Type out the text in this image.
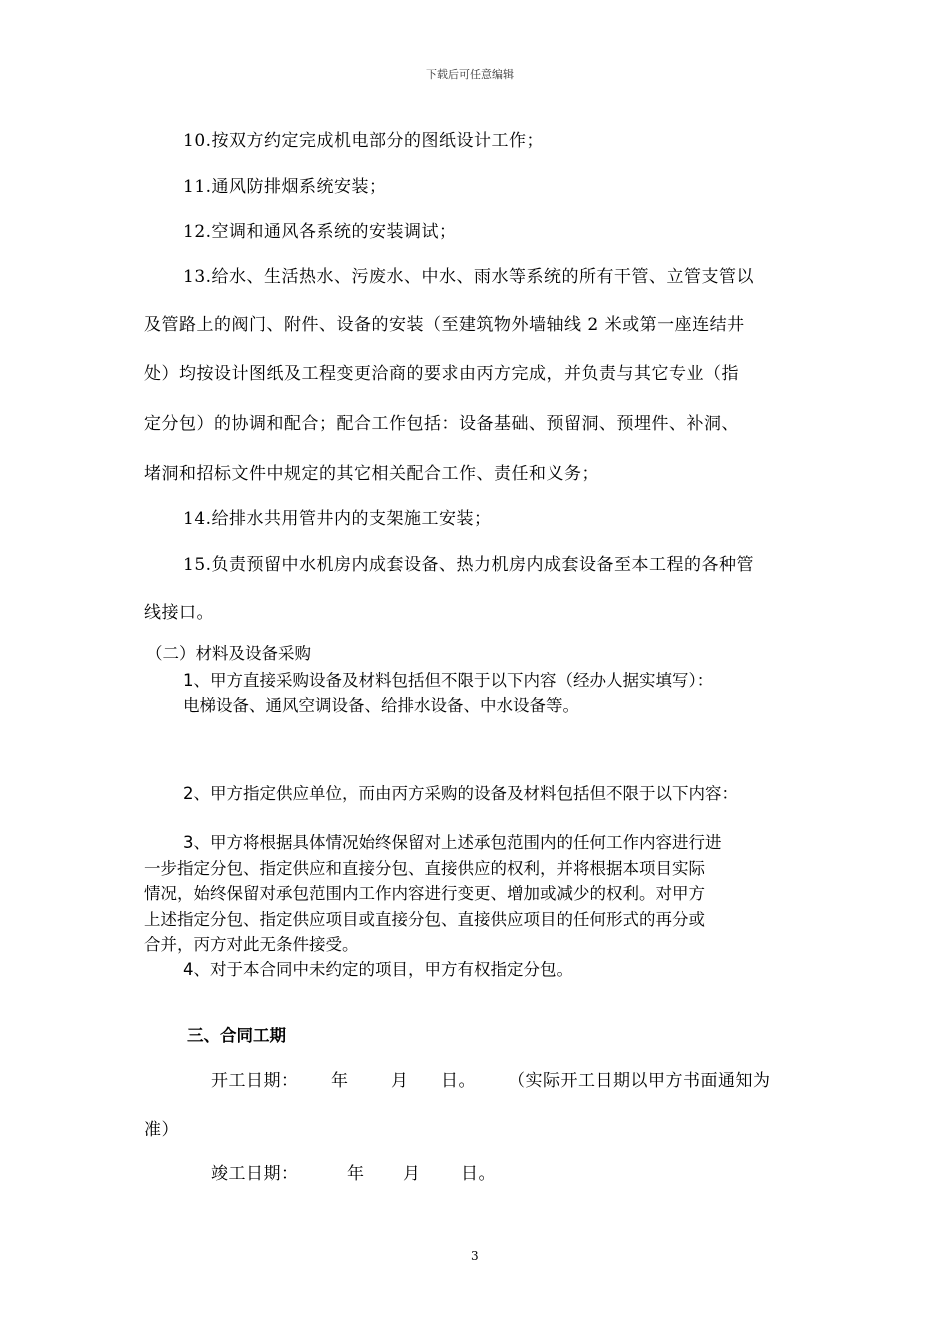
下载后可任意编辑
10.按双方约定完成机电部分的图纸设计工作；
11.通风防排烟系统安装；
12.空调和通风各系统的安装调试；
13.给水、生活热水、污废水、中水、雨水等系统的所有干管、立管支管以
及管路上的阀门、附件、设备的安装（至建筑物外墙轴线 2 米或第一座连结井
处）均按设计图纸及工程变更洽商的要求由丙方完成，并负责与其它专业（指
定分包）的协调和配合；配合工作包括：设备基础、预留洞、预埋件、补洞、
堵洞和招标文件中规定的其它相关配合工作、责任和义务；
14.给排水共用管井内的支架施工安装；
15.负责预留中水机房内成套设备、热力机房内成套设备至本工程的各种管
线接口。
（二）材料及设备采购
1、甲方直接采购设备及材料包括但不限于以下内容（经办人据实填写）：
电梯设备、通风空调设备、给排水设备、中水设备等。
2、甲方指定供应单位，而由丙方采购的设备及材料包括但不限于以下内容：
3、甲方将根据具体情况始终保留对上述承包范围内的任何工作内容进行进
一步指定分包、指定供应和直接分包、直接供应的权利，并将根据本项目实际
情况，始终保留对承包范围内工作内容进行变更、增加或减少的权利。对甲方
上述指定分包、指定供应项目或直接分包、直接供应项目的任何形式的再分或
合并，丙方对此无条件接受。
4、对于本合同中未约定的项目，甲方有权指定分包。
三、合同工期
开工日期： 年	月 日。 （实际开工日期以甲方书面通知为
准）
竣工日期：	年 月 日。
3
